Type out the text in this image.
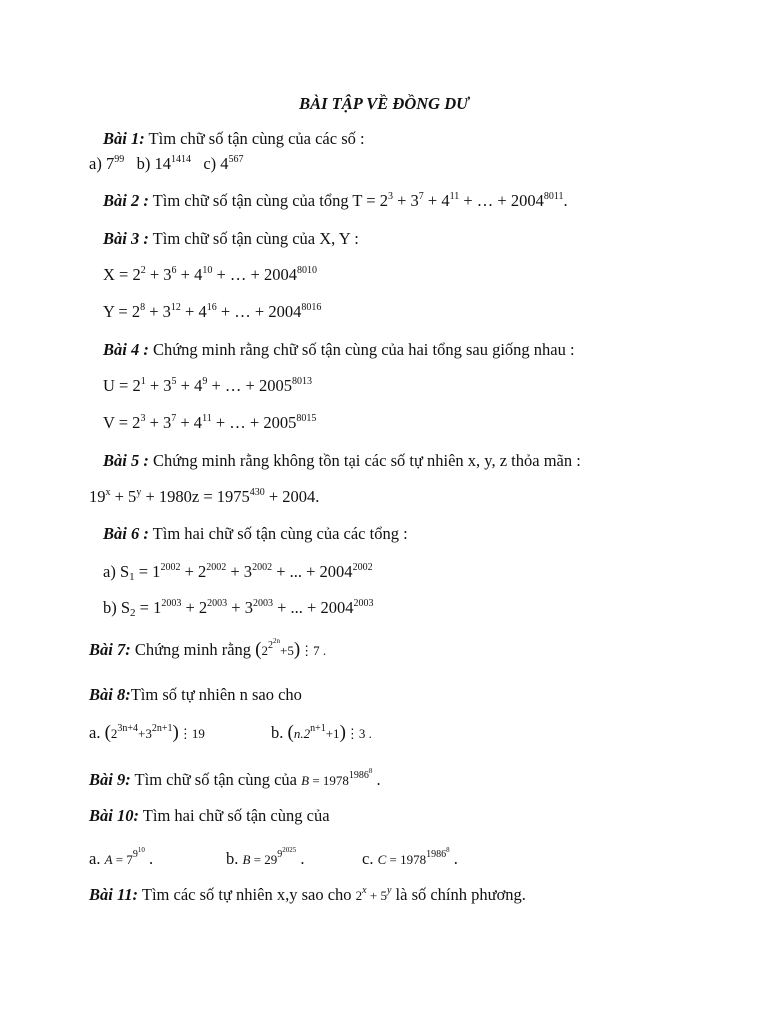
BÀI TẬP VỀ ĐỒNG DƯ
Bài 1: Tìm chữ số tận cùng của các số :
a) $7^{99}$ b) $14^{1414}$ c) $4^{567}$
Bài 2 : Tìm chữ số tận cùng của tổng $T = 2^3 + 3^7 + 4^{11}$ + … + $2004^{8011}$.
Bài 3 : Tìm chữ số tận cùng của X, Y :
$X = 2^2 + 3^6 + 4^{10}$ + … + $2004^{8010}$
$Y = 2^8 + 3^{12} + 4^{16}$ + … + $2004^{8016}$
Bài 4 : Chứng minh rằng chữ số tận cùng của hai tổng sau giống nhau :
$U = 2^1 + 3^5 + 4^9$ + … + $2005^{8013}$
$V = 2^3 + 3^7 + 4^{11}$ + … + $2005^{8015}$
Bài 5 : Chứng minh rằng không tồn tại các số tự nhiên x, y, z thỏa mãn :
$19^x + 5^y + 1980z = 1975^{430} + 2004$.
Bài 6 : Tìm hai chữ số tận cùng của các tổng :
a) $S_1 = 1^{2002} + 2^{2002} + 3^{2002}$ + ... + $2004^{2002}$
b) $S_2 = 1^{2003} + 2^{2003} + 3^{2003}$ + ... + $2004^{2003}$
Bài 7: Chứng minh rằng $(2^{2^{2n}}+5)⋮7$ .
Bài 8:Tìm số tự nhiên n sao cho
a. $(2^{3n+4}+3^{2n+1})⋮19$	b. $(n.2^{n+1}+1)⋮3$ .
Bài 9: Tìm chữ số tận cùng của $B = 1978^{1986^8}$ .
Bài 10: Tìm hai chữ số tận cùng của
a. $A = 7^{9^{10}}$ .	b. $B = 29^{9^{2025}}$ .	c. $C = 1978^{1986^8}$ .
Bài 11: Tìm các số tự nhiên x,y sao cho $2^x + 5^y$ là số chính phương.
